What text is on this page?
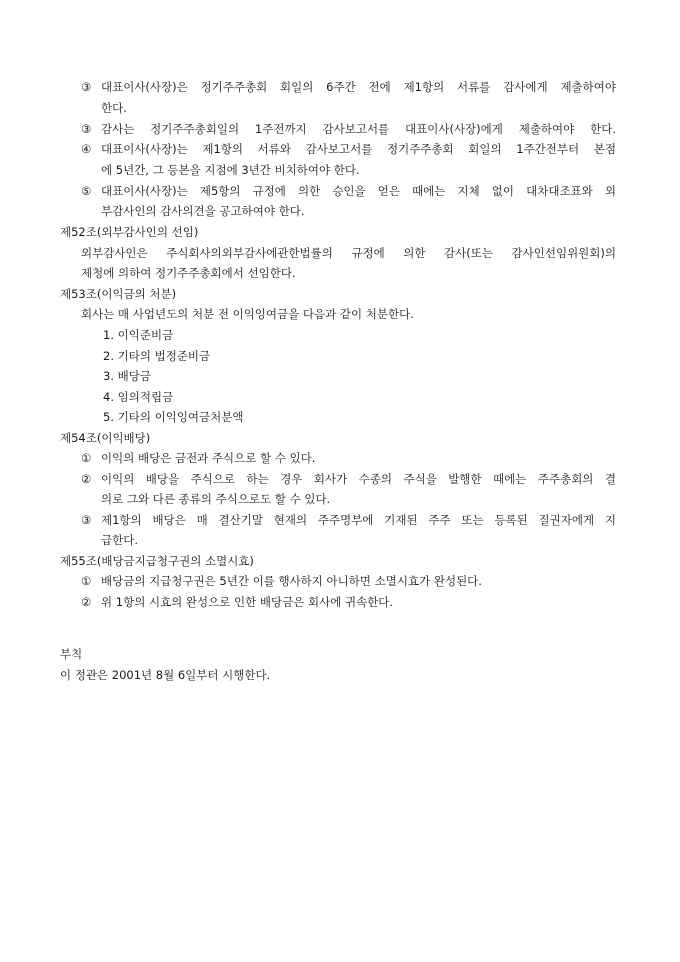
③ 대표이사(사장)은 정기주주총회 회일의 6주간 전에 제1항의 서류를 감사에게 제출하여야
한다.
③ 감사는 정기주주총회일의 1주전까지 감사보고서를 대표이사(사장)에게 제출하여야 한다.
④ 대표이사(사장)는 제1항의 서류와 감사보고서를 정기주주총회 회일의 1주간전부터 본점
에 5년간, 그 등본을 지점에 3년간 비치하여야 한다.
⑤ 대표이사(사장)는 제5항의 규정에 의한 승인을 얻은 때에는 지체 없이 대차대조표와 외
부감사인의 감사의견을 공고하여야 한다.
제52조(외부감사인의 선임)
외부감사인은 주식회사의외부감사에관한법률의 규정에 의한 감사(또는 감사인선임위원회)의
제청에 의하여 정기주주총회에서 선임한다.
제53조(이익금의 처분)
회사는 매 사업년도의 처분 전 이익잉여금을 다음과 같이 처분한다.
1. 이익준비금
2. 기타의 법정준비금
3. 배당금
4. 임의적립금
5. 기타의 이익잉여금처분액
제54조(이익배당)
① 이익의 배당은 금전과 주식으로 할 수 있다.
② 이익의 배당을 주식으로 하는 경우 회사가 수종의 주식을 발행한 때에는 주주총회의 결
의로 그와 다른 종류의 주식으로도 할 수 있다.
③ 제1항의 배당은 매 결산기말 현재의 주주명부에 기재된 주주 또는 등록된 질권자에게 지
급한다.
제55조(배당금지급청구권의 소멸시효)
① 배당금의 지급청구권은 5년간 이를 행사하지 아니하면 소멸시효가 완성된다.
② 위 1항의 시효의 완성으로 인한 배당금은 회사에 귀속한다.
부칙
이 정관은 2001년 8월 6일부터 시행한다.
